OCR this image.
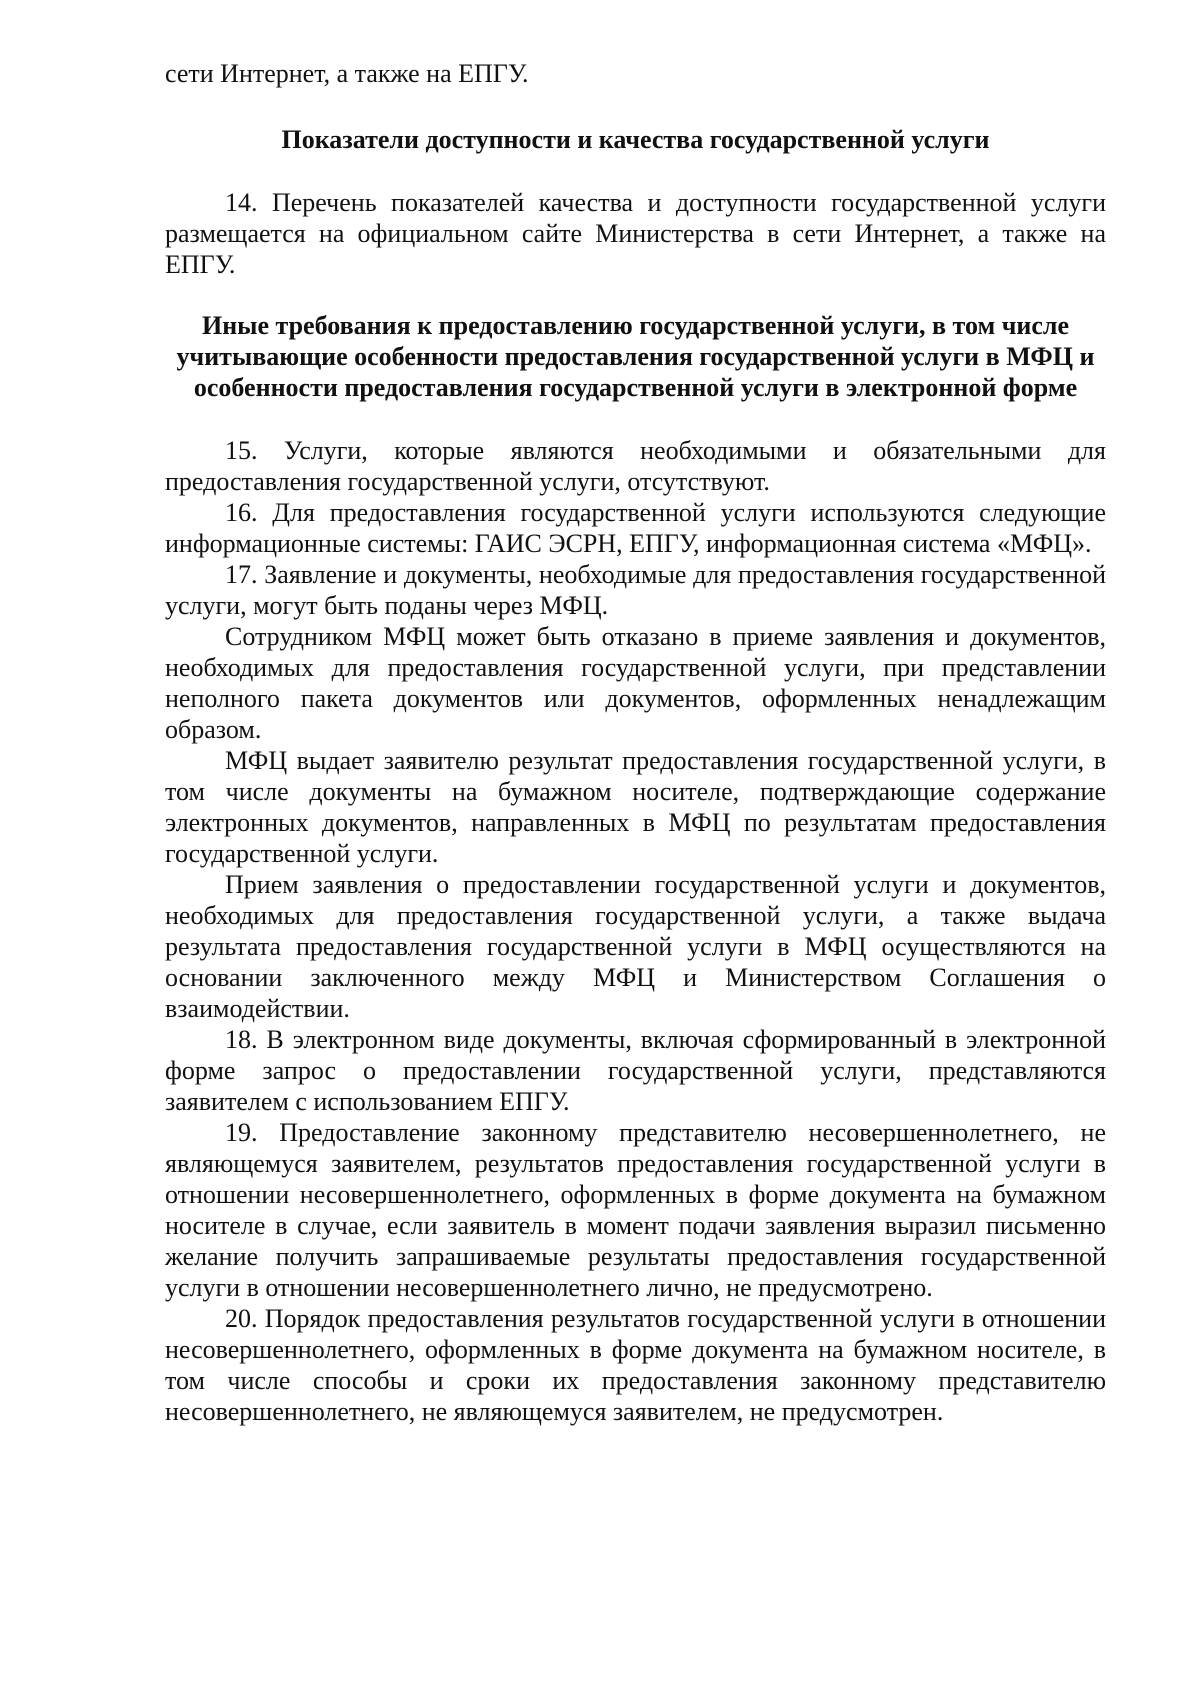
сети Интернет, а также на ЕПГУ.

Показатели доступности и качества государственной услуги

14. Перечень показателей качества и доступности государственной услуги размещается на официальном сайте Министерства в сети Интернет, а также на ЕПГУ.

Иные требования к предоставлению государственной услуги, в том числе учитывающие особенности предоставления государственной услуги в МФЦ и особенности предоставления государственной услуги в электронной форме

15. Услуги, которые являются необходимыми и обязательными для предоставления государственной услуги, отсутствуют.

16. Для предоставления государственной услуги используются следующие информационные системы: ГАИС ЭСРН, ЕПГУ, информационная система «МФЦ».

17. Заявление и документы, необходимые для предоставления государственной услуги, могут быть поданы через МФЦ.

Сотрудником МФЦ может быть отказано в приеме заявления и документов, необходимых для предоставления государственной услуги, при представлении неполного пакета документов или документов, оформленных ненадлежащим образом.

МФЦ выдает заявителю результат предоставления государственной услуги, в том числе документы на бумажном носителе, подтверждающие содержание электронных документов, направленных в МФЦ по результатам предоставления государственной услуги.

Прием заявления о предоставлении государственной услуги и документов, необходимых для предоставления государственной услуги, а также выдача результата предоставления государственной услуги в МФЦ осуществляются на основании заключенного между МФЦ и Министерством Соглашения о взаимодействии.

18. В электронном виде документы, включая сформированный в электронной форме запрос о предоставлении государственной услуги, представляются заявителем с использованием ЕПГУ.

19. Предоставление законному представителю несовершеннолетнего, не являющемуся заявителем, результатов предоставления государственной услуги в отношении несовершеннолетнего, оформленных в форме документа на бумажном носителе в случае, если заявитель в момент подачи заявления выразил письменно желание получить запрашиваемые результаты предоставления государственной услуги в отношении несовершеннолетнего лично, не предусмотрено.

20. Порядок предоставления результатов государственной услуги в отношении несовершеннолетнего, оформленных в форме документа на бумажном носителе, в том числе способы и сроки их предоставления законному представителю несовершеннолетнего, не являющемуся заявителем, не предусмотрен.
